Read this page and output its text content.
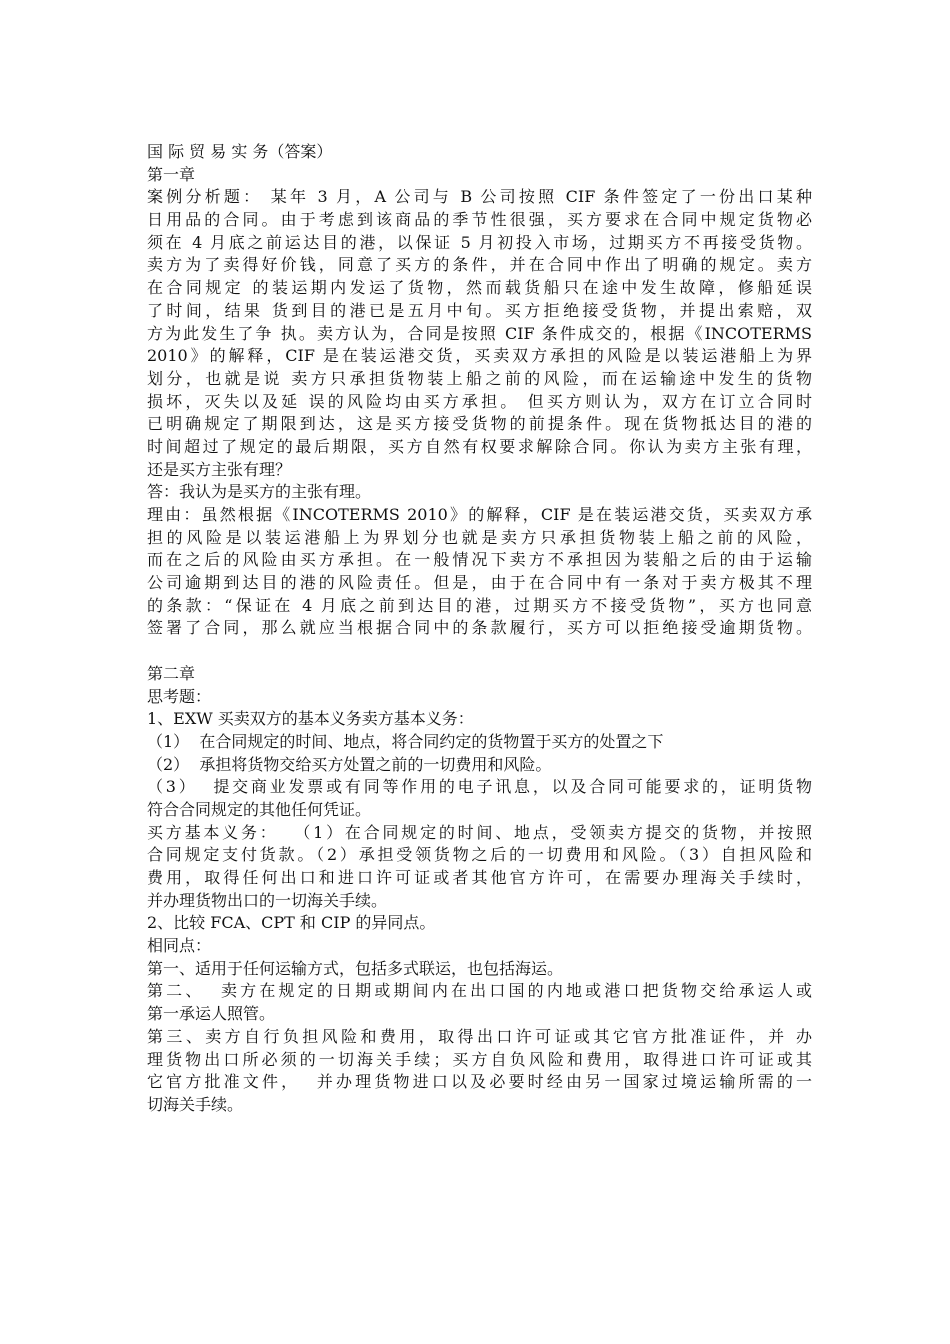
国 际 贸 易 实 务（答案）
第一章
案例分析题： 某年 3 月，A 公司与 B 公司按照 CIF 条件签定了一份出口某种
日用品的合同。由于考虑到该商品的季节性很强，买方要求在合同中规定货物必
须在 4 月底之前运达目的港，以保证 5 月初投入市场，过期买方不再接受货物。
卖方为了卖得好价钱，同意了买方的条件，并在合同中作出了明确的规定。卖方
在合同规定 的装运期内发运了货物，然而载货船只在途中发生故障，修船延误
了时间，结果 货到目的港已是五月中旬。买方拒绝接受货物，并提出索赔，双
方为此发生了争 执。卖方认为，合同是按照 CIF 条件成交的，根据《INCOTERMS
2010》的解释，CIF 是在装运港交货，买卖双方承担的风险是以装运港船上为界
划分，也就是说 卖方只承担货物装上船之前的风险，而在运输途中发生的货物
损坏，灭失以及延 误的风险均由买方承担。 但买方则认为，双方在订立合同时
已明确规定了期限到达，这是买方接受货物的前提条件。现在货物抵达目的港的
时间超过了规定的最后期限，买方自然有权要求解除合同。你认为卖方主张有理，
还是买方主张有理？
答：我认为是买方的主张有理。
理由：虽然根据《INCOTERMS 2010》的解释，CIF 是在装运港交货，买卖双方承
担的风险是以装运港船上为界划分也就是卖方只承担货物装上船之前的风险，
而在之后的风险由买方承担。在一般情况下卖方不承担因为装船之后的由于运输
公司逾期到达目的港的风险责任。但是，由于在合同中有一条对于卖方极其不理
的条款：“保证在 4 月底之前到达目的港，过期买方不接受货物”，买方也同意
签署了合同，那么就应当根据合同中的条款履行，买方可以拒绝接受逾期货物。
第二章
思考题：
1、EXW 买卖双方的基本义务卖方基本义务：
（1）  在合同规定的时间、地点，将合同约定的货物置于买方的处置之下
（2）  承担将货物交给买方处置之前的一切费用和风险。
（3）  提交商业发票或有同等作用的电子讯息，以及合同可能要求的，证明货物
符合合同规定的其他任何凭证。
买方基本义务：  （1）在合同规定的时间、地点，受领卖方提交的货物，并按照
合同规定支付货款。（2）承担受领货物之后的一切费用和风险。（3）自担风险和
费用，取得任何出口和进口许可证或者其他官方许可，在需要办理海关手续时，
并办理货物出口的一切海关手续。
2、比较 FCA、CPT 和 CIP 的异同点。
相同点：
第一、适用于任何运输方式，包括多式联运，也包括海运。
第二、  卖方在规定的日期或期间内在出口国的内地或港口把货物交给承运人或
第一承运人照管。
第三、卖方自行负担风险和费用，取得出口许可证或其它官方批准证件，并 办
理货物出口所必须的一切海关手续；买方自负风险和费用，取得进口许可证或其
它官方批准文件，  并办理货物进口以及必要时经由另一国家过境运输所需的一
切海关手续。
